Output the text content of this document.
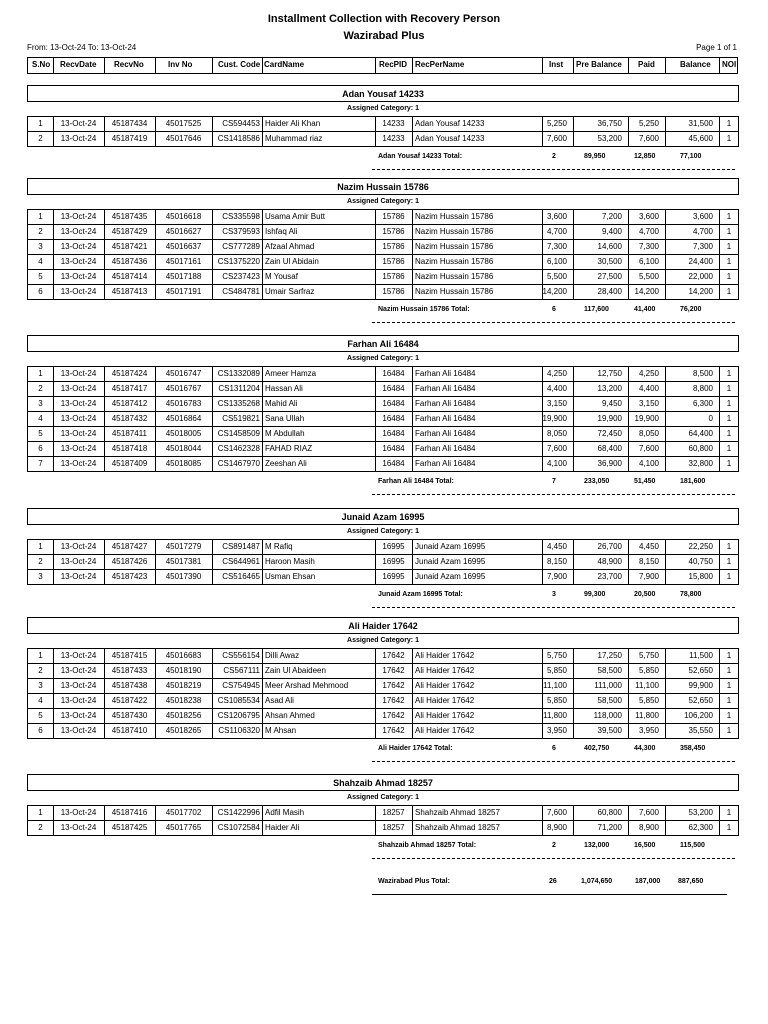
Installment Collection with Recovery Person
Wazirabad Plus
From: 13-Oct-24 To: 13-Oct-24	Page 1 of 1
S.No RecvDate RecvNo	Inv No	Cust. Code CardName	RecPID RecPerName	Inst Pre Balance Paid	Balance NOI
Adan Yousaf 14233
Assigned Category: 1
1	13-Oct-24	45187434	45017525	CS594453 Haider Ali Khan	14233	Adan Yousaf 14233	5,250	36,750	5,250	31,500	1
2	13-Oct-24	45187419	45017646	CS1418586 Muhammad riaz	14233	Adan Yousaf 14233	7,600	53,200	7,600	45,600	1
Adan Yousaf 14233 Total:	2	89,950	12,850	77,100
Nazim Hussain 15786
Assigned Category: 1
1	13-Oct-24	45187435	45016618	CS335598 Usama Amir Butt	15786	Nazim Hussain 15786	3,600	7,200	3,600	3,600	1
2	13-Oct-24	45187429	45016627	CS379593 Ishfaq Ali	15786	Nazim Hussain 15786	4,700	9,400	4,700	4,700	1
3	13-Oct-24	45187421	45016637	CS777289 Afzaal Ahmad	15786	Nazim Hussain 15786	7,300	14,600	7,300	7,300	1
4	13-Oct-24	45187436	45017161	CS1375220 Zain Ul Abidain	15786	Nazim Hussain 15786	6,100	30,500	6,100	24,400	1
5	13-Oct-24	45187414	45017188	CS237423 M Yousaf	15786	Nazim Hussain 15786	5,500	27,500	5,500	22,000	1
6	13-Oct-24	45187413	45017191	CS484781 Umair Sarfraz	15786	Nazim Hussain 15786	14,200	28,400	14,200	14,200	1
Nazim Hussain 15786 Total:	6	117,600	41,400	76,200
Farhan Ali 16484
Assigned Category: 1
1	13-Oct-24	45187424	45016747	CS1332089 Ameer Hamza	16484	Farhan Ali 16484	4,250	12,750	4,250	8,500	1
2	13-Oct-24	45187417	45016767	CS1311204 Hassan Ali	16484	Farhan Ali 16484	4,400	13,200	4,400	8,800	1
3	13-Oct-24	45187412	45016783	CS1335268 Mahid Ali	16484	Farhan Ali 16484	3,150	9,450	3,150	6,300	1
4	13-Oct-24	45187432	45016864	CS519821 Sana Ullah	16484	Farhan Ali 16484	19,900	19,900	19,900	0	1
5	13-Oct-24	45187411	45018005	CS1458509 M Abdullah	16484	Farhan Ali 16484	8,050	72,450	8,050	64,400	1
6	13-Oct-24	45187418	45018044	CS1462328 FAHAD RIAZ	16484	Farhan Ali 16484	7,600	68,400	7,600	60,800	1
7	13-Oct-24	45187409	45018085	CS1467970 Zeeshan Ali	16484	Farhan Ali 16484	4,100	36,900	4,100	32,800	1
Farhan Ali 16484 Total:	7	233,050	51,450	181,600
Junaid Azam 16995
Assigned Category: 1
1	13-Oct-24	45187427	45017279	CS891487 M Rafiq	16995	Junaid Azam 16995	4,450	26,700	4,450	22,250	1
2	13-Oct-24	45187426	45017381	CS644961 Haroon Masih	16995	Junaid Azam 16995	8,150	48,900	8,150	40,750	1
3	13-Oct-24	45187423	45017390	CS516465 Usman Ehsan	16995	Junaid Azam 16995	7,900	23,700	7,900	15,800	1
Junaid Azam 16995 Total:	3	99,300	20,500	78,800
Ali Haider 17642
Assigned Category: 1
1	13-Oct-24	45187415	45016683	CS556154 Dilli Awaz	17642	Ali Haider 17642	5,750	17,250	5,750	11,500	1
2	13-Oct-24	45187433	45018190	CS567111 Zain Ul Abaideen	17642	Ali Haider 17642	5,850	58,500	5,850	52,650	1
3	13-Oct-24	45187438	45018219	CS754945 Meer Arshad Mehmood	17642	Ali Haider 17642	11,100	111,000	11,100	99,900	1
4	13-Oct-24	45187422	45018238	CS1085534 Asad Ali	17642	Ali Haider 17642	5,850	58,500	5,850	52,650	1
5	13-Oct-24	45187430	45018256	CS1206795 Ahsan Ahmed	17642	Ali Haider 17642	11,800	118,000	11,800	106,200	1
6	13-Oct-24	45187410	45018265	CS1106320 M Ahsan	17642	Ali Haider 17642	3,950	39,500	3,950	35,550	1
Ali Haider 17642 Total:	6	402,750	44,300	358,450
Shahzaib Ahmad 18257
Assigned Category: 1
1	13-Oct-24	45187416	45017702	CS1422996 Adfil Masih	18257	Shahzaib Ahmad 18257	7,600	60,800	7,600	53,200	1
2	13-Oct-24	45187425	45017765	CS1072584 Haider Ali	18257	Shahzaib Ahmad 18257	8,900	71,200	8,900	62,300	1
Shahzaib Ahmad 18257 Total:	2	132,000	16,500	115,500
Wazirabad Plus Total:	26	1,074,650	187,000	887,650
